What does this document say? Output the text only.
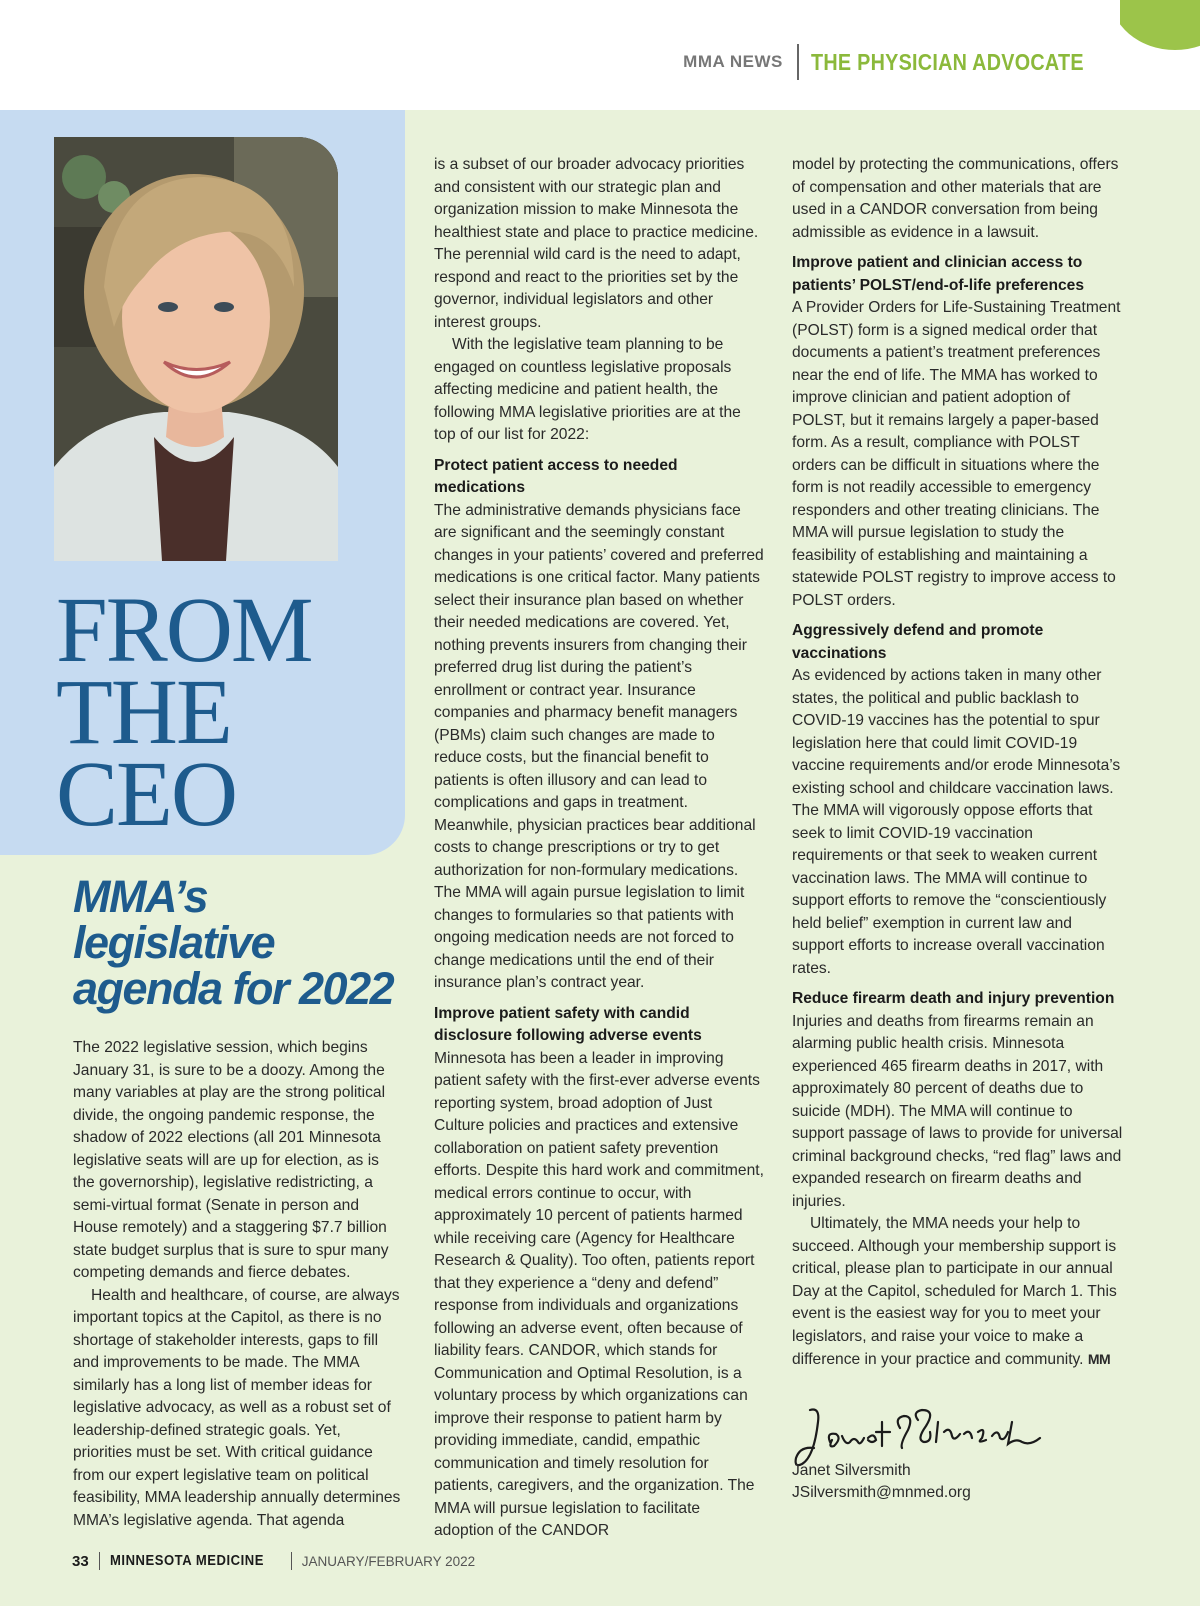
MMA NEWS	THE PHYSICIAN ADVOCATE
FROM
THE
CEO
MMA’s
legislative
agenda for 2022

The 2022 legislative session, which begins January 31, is sure to be a doozy. Among the many variables at play are the strong political divide, the ongoing pandemic response, the shadow of 2022 elections (all 201 Minnesota legislative seats will are up for election, as is the governorship), legislative redistricting, a semi-virtual format (Senate in person and House remotely) and a staggering $7.7 billion state budget surplus that is sure to spur many competing demands and fierce debates.

Health and healthcare, of course, are always important topics at the Capitol, as there is no shortage of stakeholder interests, gaps to fill and improvements to be made. The MMA similarly has a long list of member ideas for legislative advocacy, as well as a robust set of leadership-defined strategic goals. Yet, priorities must be set. With critical guidance from our expert legislative team on political feasibility, MMA leadership annually determines MMA’s legislative agenda. That agenda

is a subset of our broader advocacy priorities and consistent with our strategic plan and organization mission to make Minnesota the healthiest state and place to practice medicine. The perennial wild card is the need to adapt, respond and react to the priorities set by the governor, individual legislators and other interest groups.

With the legislative team planning to be engaged on countless legislative proposals affecting medicine and patient health, the following MMA legislative priorities are at the top of our list for 2022:

Protect patient access to needed medications

The administrative demands physicians face are significant and the seemingly constant changes in your patients’ covered and preferred medications is one critical factor. Many patients select their insurance plan based on whether their needed medications are covered. Yet, nothing prevents insurers from changing their preferred drug list during the patient’s enrollment or contract year. Insurance companies and pharmacy benefit managers (PBMs) claim such changes are made to reduce costs, but the financial benefit to patients is often illusory and can lead to complications and gaps in treatment. Meanwhile, physician practices bear additional costs to change prescriptions or try to get authorization for non-formulary medications. The MMA will again pursue legislation to limit changes to formularies so that patients with ongoing medication needs are not forced to change medications until the end of their insurance plan’s contract year.

Improve patient safety with candid disclosure following adverse events

Minnesota has been a leader in improving patient safety with the first-ever adverse events reporting system, broad adoption of Just Culture policies and practices and extensive collaboration on patient safety prevention efforts. Despite this hard work and commitment, medical errors continue to occur, with approximately 10 percent of patients harmed while receiving care (Agency for Healthcare Research & Quality). Too often, patients report that they experience a “deny and defend” response from individuals and organizations following an adverse event, often because of liability fears. CANDOR, which stands for Communication and Optimal Resolution, is a voluntary process by which organizations can improve their response to patient harm by providing immediate, candid, empathic communication and timely resolution for patients, caregivers, and the organization. The MMA will pursue legislation to facilitate adoption of the CANDOR

model by protecting the communications, offers of compensation and other materials that are used in a CANDOR conversation from being admissible as evidence in a lawsuit.

Improve patient and clinician access to patients’ POLST/end-of-life preferences

A Provider Orders for Life-Sustaining Treatment (POLST) form is a signed medical order that documents a patient’s treatment preferences near the end of life. The MMA has worked to improve clinician and patient adoption of POLST, but it remains largely a paper-based form. As a result, compliance with POLST orders can be difficult in situations where the form is not readily accessible to emergency responders and other treating clinicians. The MMA will pursue legislation to study the feasibility of establishing and maintaining a statewide POLST registry to improve access to POLST orders.

Aggressively defend and promote vaccinations

As evidenced by actions taken in many other states, the political and public backlash to COVID-19 vaccines has the potential to spur legislation here that could limit COVID-19 vaccine requirements and/or erode Minnesota’s existing school and childcare vaccination laws. The MMA will vigorously oppose efforts that seek to limit COVID-19 vaccination requirements or that seek to weaken current vaccination laws. The MMA will continue to support efforts to remove the “conscientiously held belief” exemption in current law and support efforts to increase overall vaccination rates.

Reduce firearm death and injury prevention

Injuries and deaths from firearms remain an alarming public health crisis. Minnesota experienced 465 firearm deaths in 2017, with approximately 80 percent of deaths due to suicide (MDH). The MMA will continue to support passage of laws to provide for universal criminal background checks, “red flag” laws and expanded research on firearm deaths and injuries.

Ultimately, the MMA needs your help to succeed. Although your membership support is critical, please plan to participate in our annual Day at the Capitol, scheduled for March 1. This event is the easiest way for you to meet your legislators, and raise your voice to make a difference in your practice and community. MM

Janet Silversmith
JSilversmith@mnmed.org
33 MINNESOTA MEDICINE	JANUARY/FEBRUARY 2022
